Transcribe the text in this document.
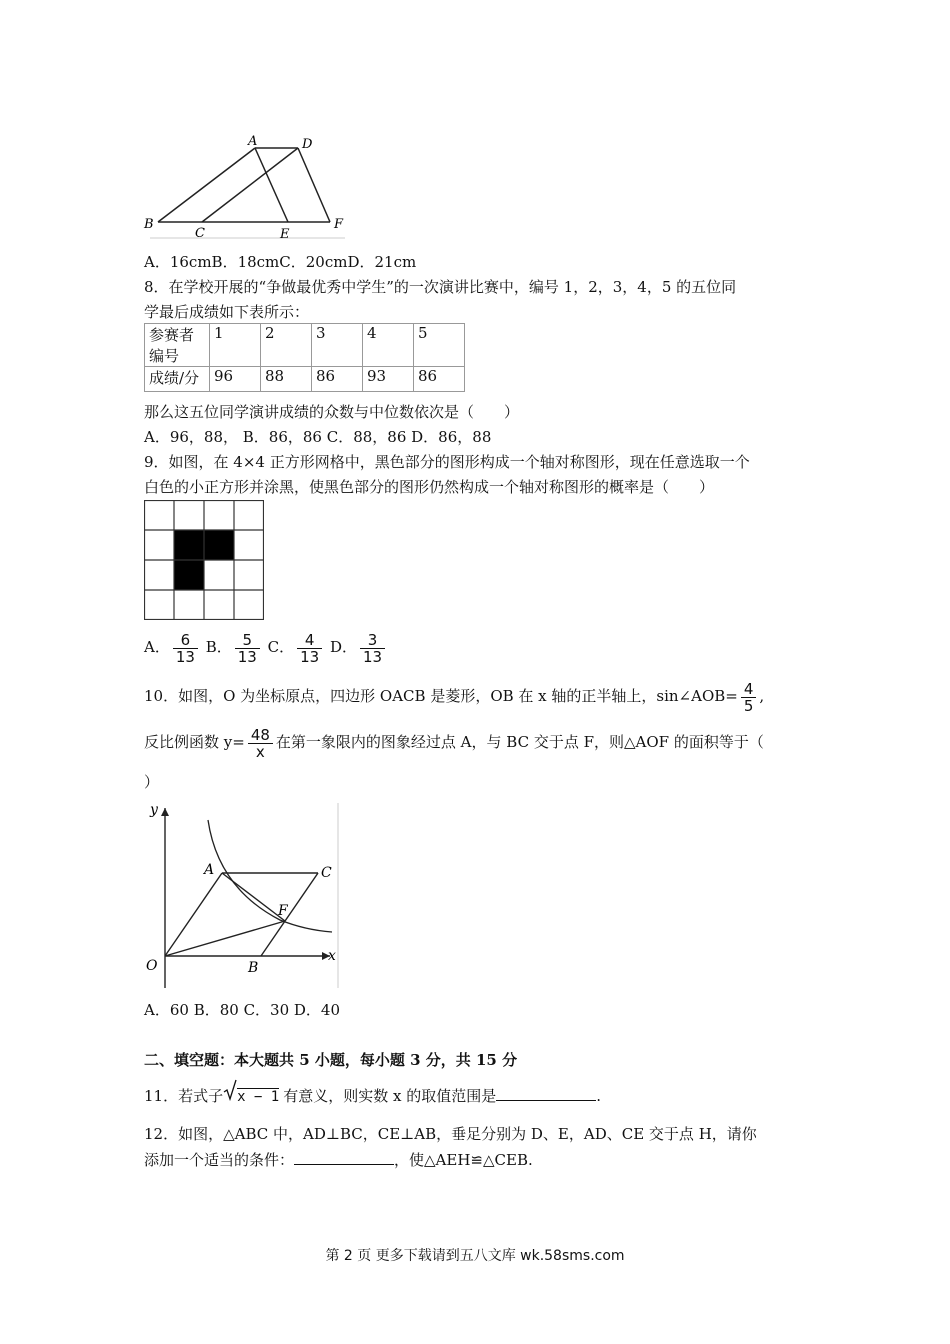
A	D
B
C	E
F
A．16cmB．18cmC．20cmD．21cm
8．在学校开展的“争做最优秀中学生”的一次演讲比赛中，编号 1，2，3，4，5 的五位同
学最后成绩如下表所示：
参赛者
编号	1	2	3	4	5
成绩/分	96	88	86	93	86
那么这五位同学演讲成绩的众数与中位数依次是（　　）
A．96，88， B．86，86 C．88，86 D．86，88
9．如图，在 4×4 正方形网格中，黑色部分的图形构成一个轴对称图形，现在任意选取一个
白色的小正方形并涂黑，使黑色部分的图形仍然构成一个轴对称图形的概率是（　　）
A． $\frac{6}{13}$ B． $\frac{5}{13}$ C． $\frac{4}{13}$ D． $\frac{3}{13}$
10．如图，O 为坐标原点，四边形 OACB 是菱形，OB 在 x 轴的正半轴上，sin∠AOB= $\frac{4}{5}$ ,
反比例函数 $y= \frac{48}{x}$ 在第一象限内的图象经过点 A，与 BC 交于点 F，则△AOF 的面积等于（
）
y
A	C
F
O	B
x
A．60 B．80 C．30 D．40
二、填空题：本大题共 5 小题，每小题 3 分，共 15 分
11．若式子 x − 1 有意义，则实数 x 的取值范围是	.
12．如图，△ABC 中，AD⊥BC，CE⊥AB，垂足分别为 D、E，AD、CE 交于点 H，请你
添加一个适当的条件：	，使△AEH≌△CEB.
第 2 页 更多下载请到五八文库 wk.58sms.com
